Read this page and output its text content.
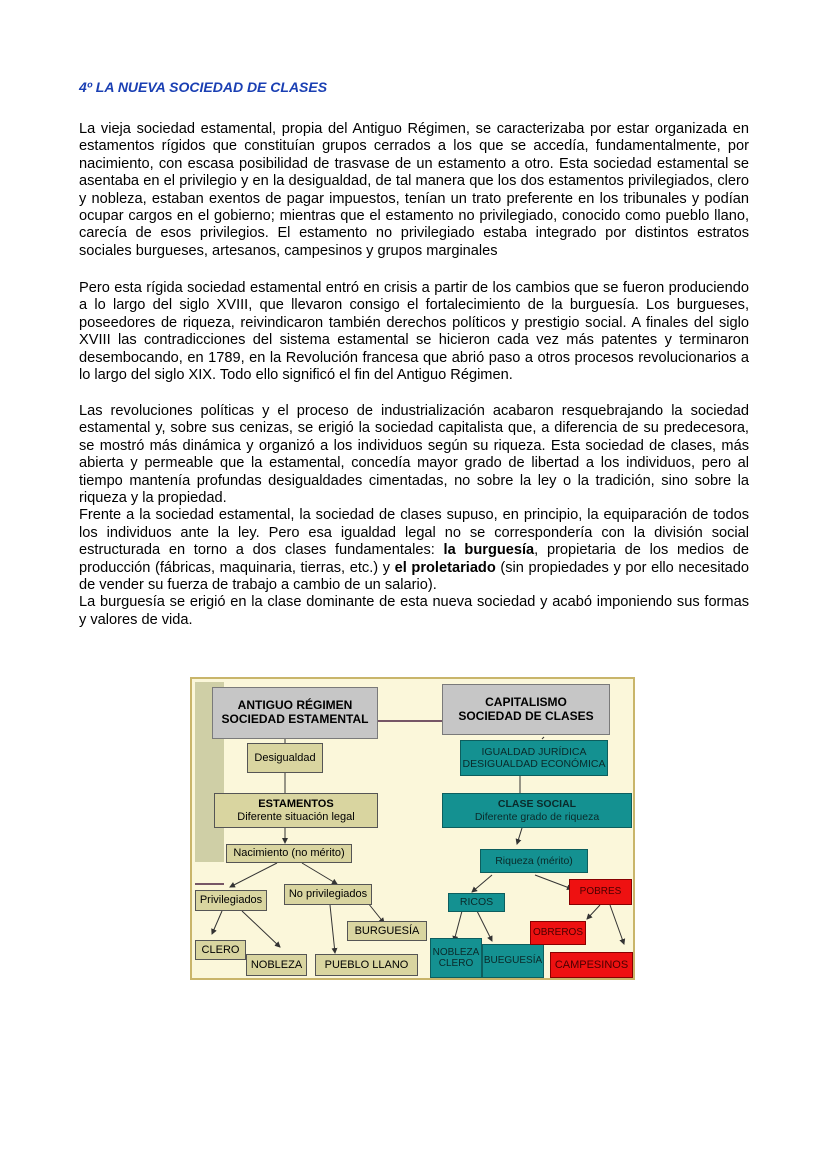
4º LA NUEVA SOCIEDAD DE CLASES
La vieja sociedad estamental, propia del Antiguo Régimen, se caracterizaba por estar organizada en estamentos rígidos que constituían grupos cerrados a los que se accedía, fundamentalmente, por nacimiento, con escasa posibilidad de trasvase de un estamento a otro. Esta sociedad estamental se asentaba en el privilegio y en la desigualdad, de tal manera que los dos estamentos privilegiados, clero y nobleza, estaban exentos de pagar impuestos, tenían un trato preferente en los tribunales y podían ocupar cargos en el gobierno; mientras que el estamento no privilegiado, conocido como pueblo llano, carecía de esos privilegios. El estamento no privilegiado estaba integrado por distintos estratos sociales burgueses, artesanos, campesinos y grupos marginales
Pero esta rígida sociedad estamental entró en crisis a partir de los cambios que se fueron produciendo a lo largo del siglo XVIII, que llevaron consigo el fortalecimiento de la burguesía. Los burgueses, poseedores de riqueza, reivindicaron también derechos políticos y prestigio social. A finales del siglo XVIII las contradicciones del sistema estamental se hicieron cada vez más patentes y terminaron desembocando, en 1789, en la Revolución francesa que abrió paso a otros procesos revolucionarios a lo largo del siglo XIX. Todo ello significó el fin del Antiguo Régimen.
Las revoluciones políticas y el proceso de industrialización acabaron resquebrajando la sociedad estamental y, sobre sus cenizas, se erigió la sociedad capitalista que, a diferencia de su predecesora, se mostró más dinámica y organizó a los individuos según su riqueza. Esta sociedad de clases, más abierta y permeable que la estamental, concedía mayor grado de libertad a los individuos, pero al tiempo mantenía profundas desigualdades cimentadas, no sobre la ley o la tradición, sino sobre la riqueza y la propiedad.
Frente a la sociedad estamental, la sociedad de clases supuso, en principio, la equiparación de todos los individuos ante la ley. Pero esa igualdad legal no se correspondería con la división social estructurada en torno a dos clases fundamentales: la burguesía, propietaria de los medios de producción (fábricas, maquinaria, tierras, etc.) y el proletariado (sin propiedades y por ello necesitado de vender su fuerza de trabajo a cambio de un salario).
La burguesía se erigió en la clase dominante de esta nueva sociedad y acabó imponiendo sus formas y valores de vida.
ANTIGUO RÉGIMEN
SOCIEDAD ESTAMENTAL
CAPITALISMO
SOCIEDAD DE CLASES
Desigualdad
ESTAMENTOS
Diferente situación legal
Nacimiento (no mérito)
Privilegiados	No privilegiados
BURGUESÍA
CLERO
NOBLEZA	PUEBLO LLANO
IGUALDAD JURÍDICA
DESIGUALDAD ECONÓMICA
CLASE SOCIAL
Diferente grado de riqueza
Riqueza (mérito)
RICOS
POBRES
NOBLEZA
CLERO BUEGUESÍA
OBREROS
CAMPESINOS
